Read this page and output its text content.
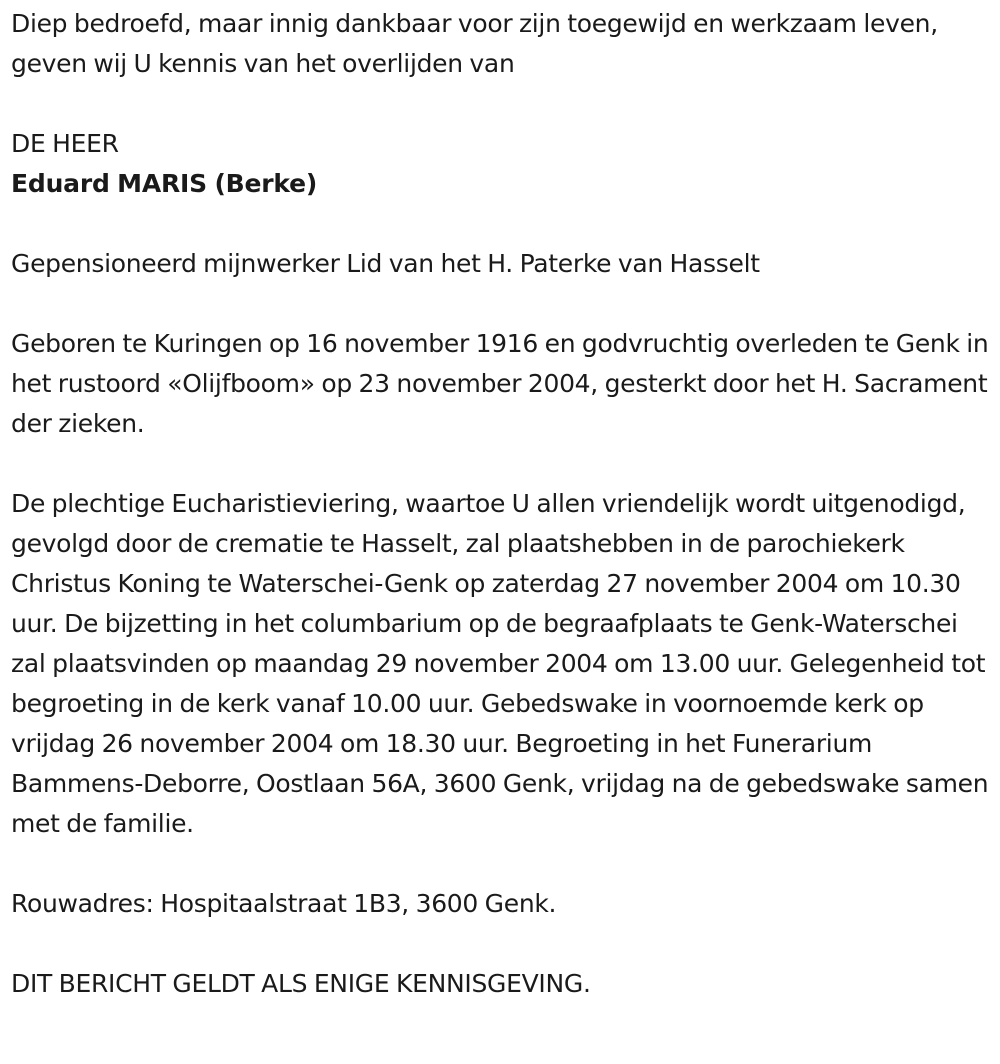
Diep bedroefd, maar innig dankbaar voor zijn toegewijd en werkzaam leven, geven wij U kennis van het overlijden van

DE HEER

Eduard MARIS (Berke)

Gepensioneerd mijnwerker Lid van het H. Paterke van Hasselt

Geboren te Kuringen op 16 november 1916 en godvruchtig overleden te Genk in het rustoord «Olijfboom» op 23 november 2004, gesterkt door het H. Sacrament der zieken.

De plechtige Eucharistieviering, waartoe U allen vriendelijk wordt uitgenodigd, gevolgd door de crematie te Hasselt, zal plaatshebben in de parochiekerk Christus Koning te Waterschei-Genk op zaterdag 27 november 2004 om 10.30 uur. De bijzetting in het columbarium op de begraafplaats te Genk-Waterschei zal plaatsvinden op maandag 29 november 2004 om 13.00 uur. Gelegenheid tot begroeting in de kerk vanaf 10.00 uur. Gebedswake in voornoemde kerk op vrijdag 26 november 2004 om 18.30 uur. Begroeting in het Funerarium Bammens-Deborre, Oostlaan 56A, 3600 Genk, vrijdag na de gebedswake samen met de familie.

Rouwadres: Hospitaalstraat 1B3, 3600 Genk.

DIT BERICHT GELDT ALS ENIGE KENNISGEVING.
